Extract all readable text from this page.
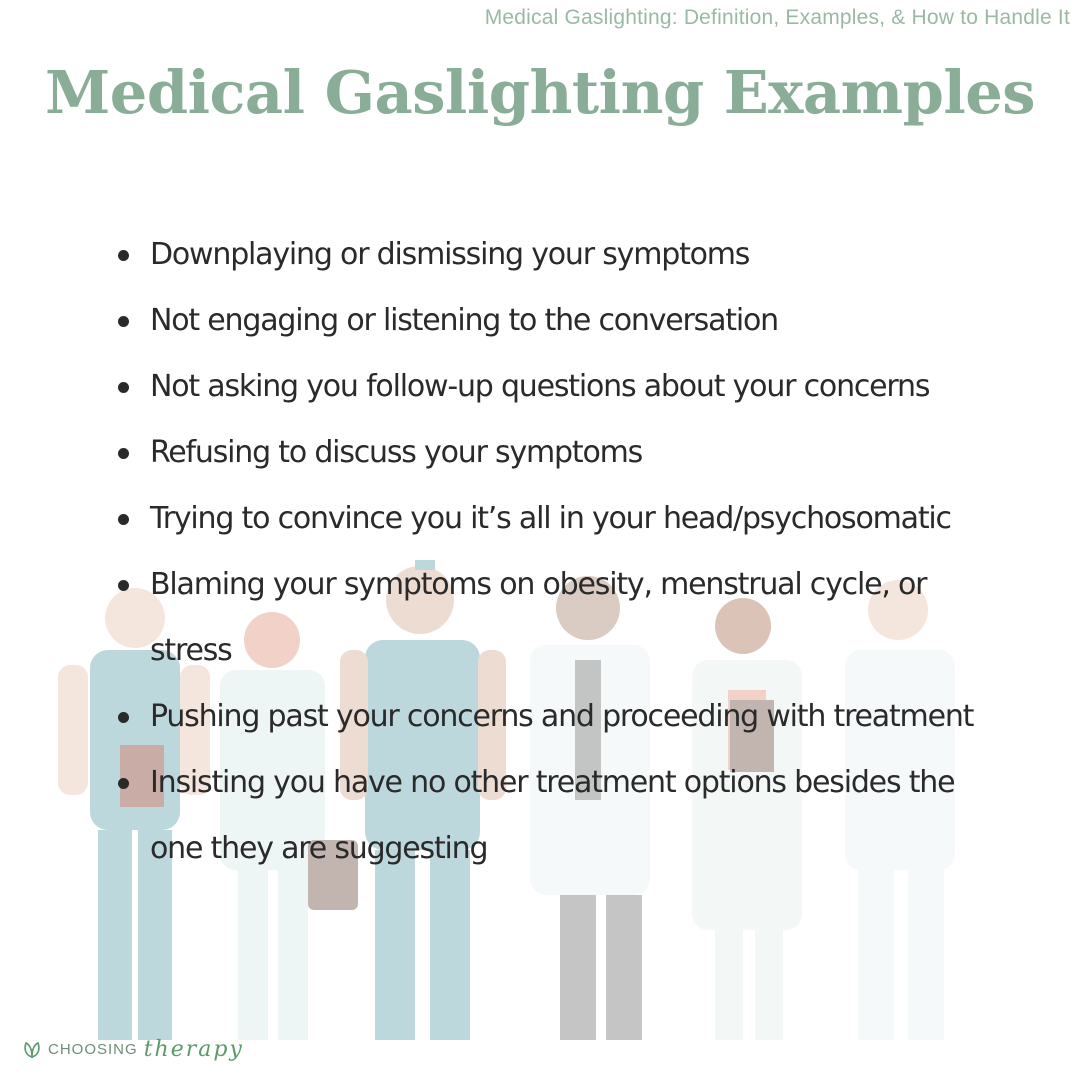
Medical Gaslighting: Definition, Examples, & How to Handle It
Medical Gaslighting Examples
Downplaying or dismissing your symptoms
Not engaging or listening to the conversation
Not asking you follow-up questions about your concerns
Refusing to discuss your symptoms
Trying to convince you it’s all in your head/psychosomatic
Blaming your symptoms on obesity, menstrual cycle, or stress
Pushing past your concerns and proceeding with treatment
Insisting you have no other treatment options besides the one they are suggesting
CHOOSING therapy
